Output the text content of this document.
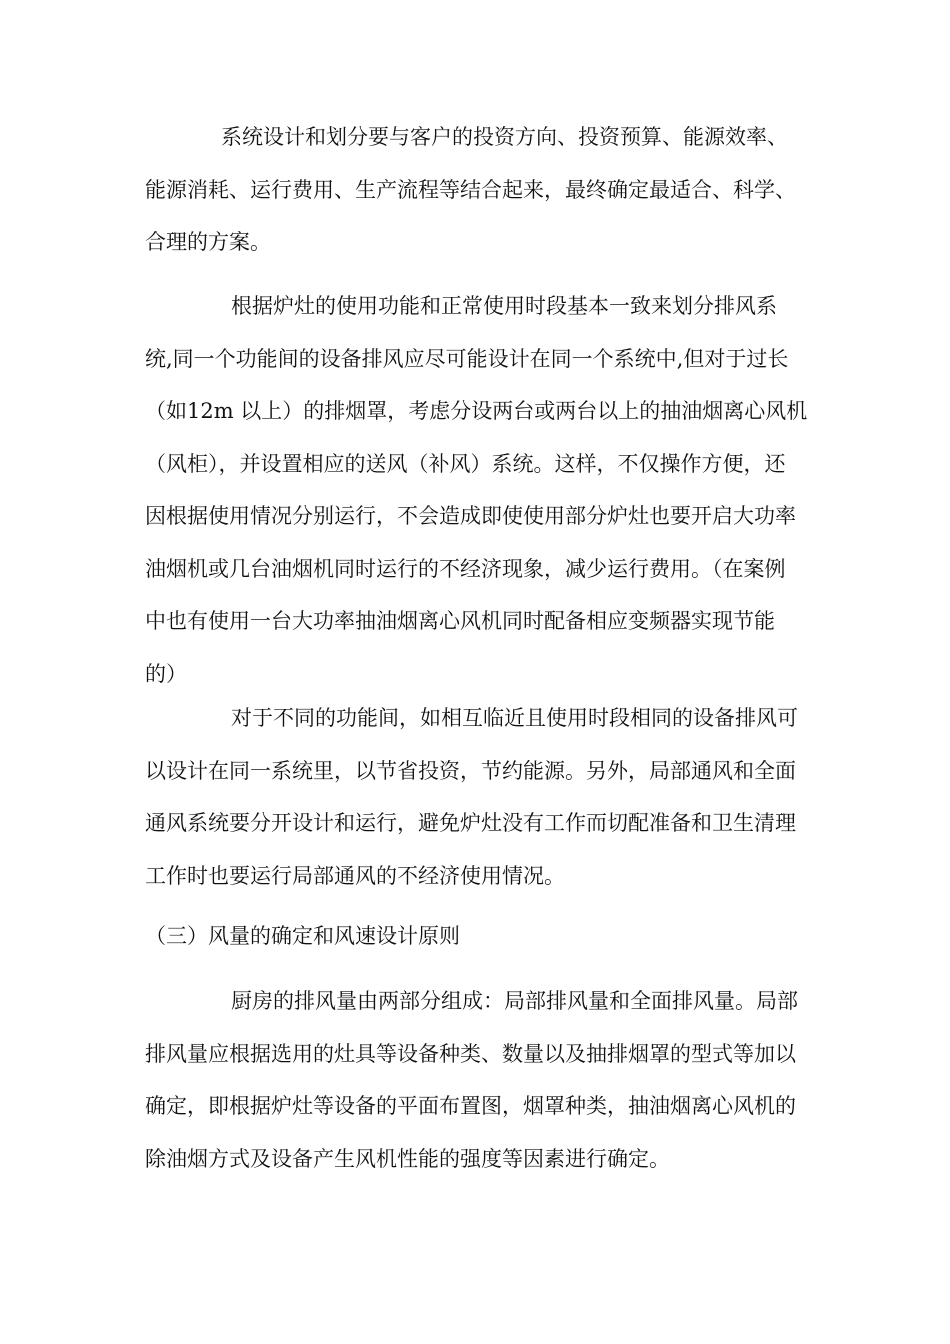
系统设计和划分要与客户的投资方向、投资预算、能源效率、
能源消耗、运行费用、生产流程等结合起来，最终确定最适合、科学、
合理的方案。
根据炉灶的使用功能和正常使用时段基本一致来划分排风系
统,同一个功能间的设备排风应尽可能设计在同一个系统中,但对于过长
（如12m 以上）的排烟罩，考虑分设两台或两台以上的抽油烟离心风机
（风柜），并设置相应的送风（补风）系统。这样，不仅操作方便，还
因根据使用情况分别运行，不会造成即使使用部分炉灶也要开启大功率
油烟机或几台油烟机同时运行的不经济现象，减少运行费用。（在案例
中也有使用一台大功率抽油烟离心风机同时配备相应变频器实现节能
的）
对于不同的功能间，如相互临近且使用时段相同的设备排风可
以设计在同一系统里，以节省投资，节约能源。另外，局部通风和全面
通风系统要分开设计和运行，避免炉灶没有工作而切配准备和卫生清理
工作时也要运行局部通风的不经济使用情况。
（三）风量的确定和风速设计原则
厨房的排风量由两部分组成：局部排风量和全面排风量。局部
排风量应根据选用的灶具等设备种类、数量以及抽排烟罩的型式等加以
确定，即根据炉灶等设备的平面布置图，烟罩种类，抽油烟离心风机的
除油烟方式及设备产生风机性能的强度等因素进行确定。
